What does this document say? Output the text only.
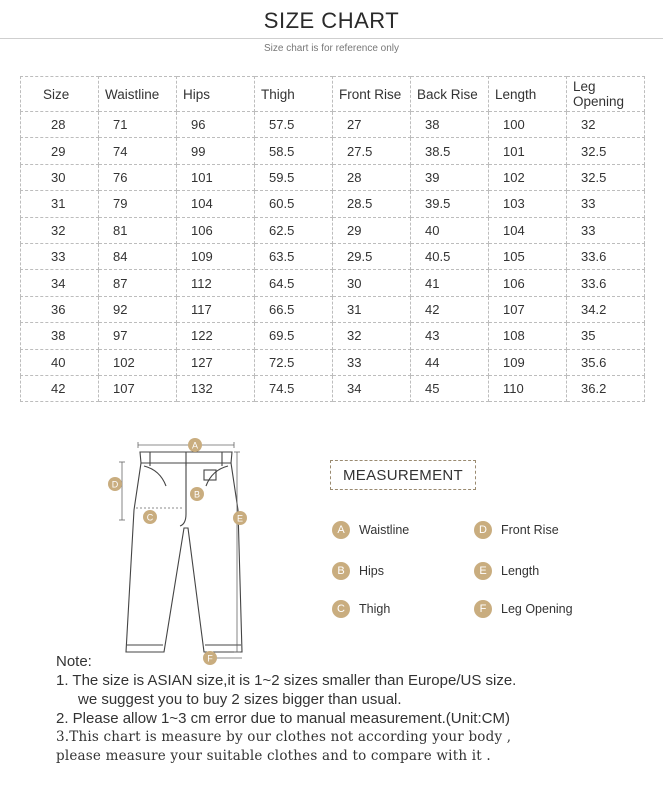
SIZE CHART
Size chart is for reference only
Size	Waistline	Hips	Thigh	Front Rise	Back Rise	Length	Leg Opening
28	71	96	57.5	27	38	100	32
29	74	99	58.5	27.5	38.5	101	32.5
30	76	101	59.5	28	39	102	32.5
31	79	104	60.5	28.5	39.5	103	33
32	81	106	62.5	29	40	104	33
33	84	109	63.5	29.5	40.5	105	33.6
34	87	112	64.5	30	41	106	33.6
36	92	117	66.5	31	42	107	34.2
38	97	122	69.5	32	43	108	35
40	102	127	72.5	33	44	109	35.6
42	107	132	74.5	34	45	110	36.2
A
B
C
D
E
F
MEASUREMENT
A	Waistline
B	Hips
C	Thigh
D	Front Rise
E	Length
F	Leg Opening
Note:
1. The size is ASIAN size,it is 1~2 sizes smaller than Europe/US size.
we suggest you to buy 2 sizes bigger than usual.
2. Please allow 1~3 cm error due to manual measurement.(Unit:CM)
3.This chart is measure by our clothes not according your body ,
please measure your suitable clothes and to compare with it .
